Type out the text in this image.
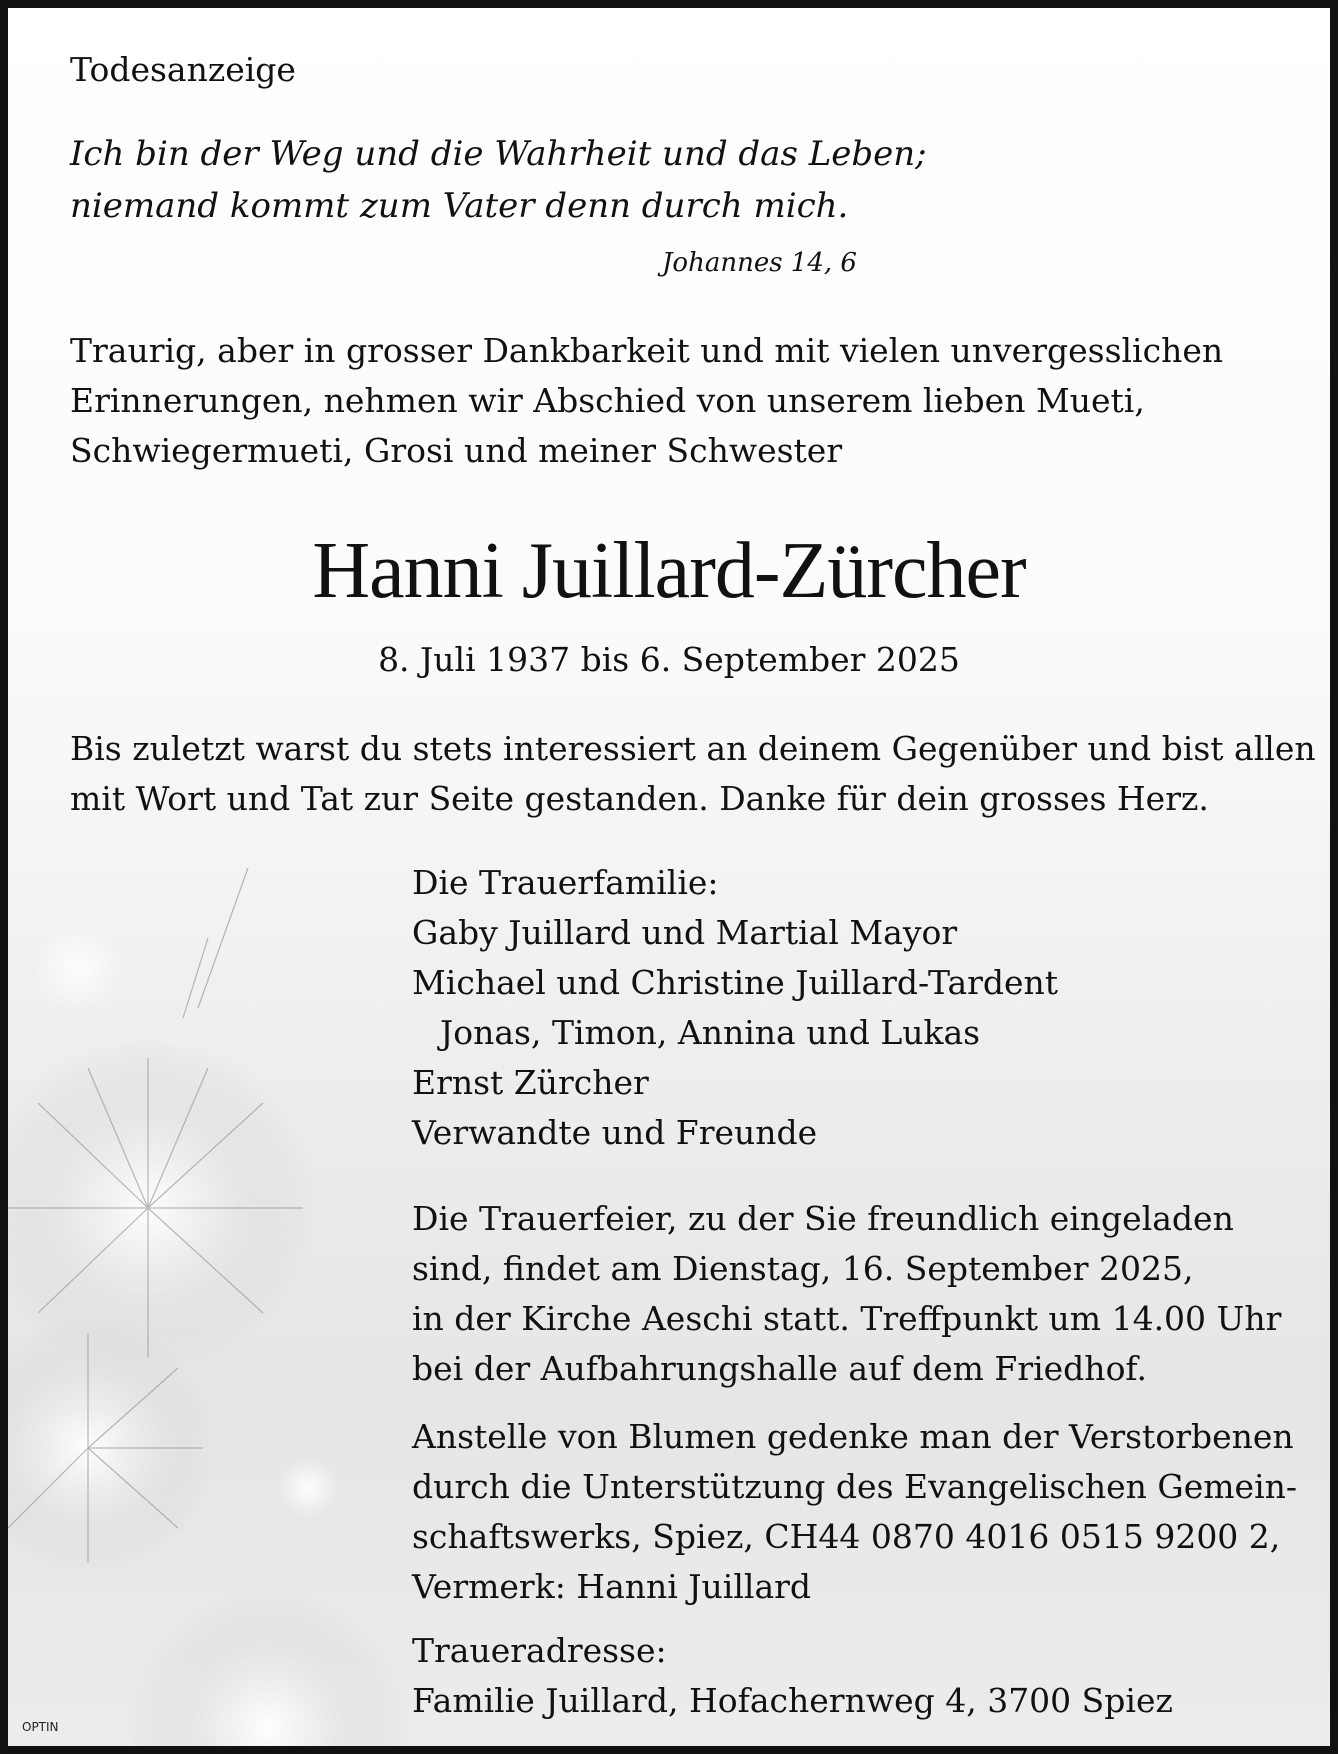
Todesanzeige
Ich bin der Weg und die Wahrheit und das Leben;
niemand kommt zum Vater denn durch mich.
Johannes 14, 6
Traurig, aber in grosser Dankbarkeit und mit vielen unvergesslichen
Erinnerungen, nehmen wir Abschied von unserem lieben Mueti,
Schwiegermueti, Grosi und meiner Schwester
Hanni Juillard-Zürcher
8. Juli 1937 bis 6. September 2025
Bis zuletzt warst du stets interessiert an deinem Gegenüber und bist allen
mit Wort und Tat zur Seite gestanden. Danke für dein grosses Herz.
Die Trauerfamilie:
Gaby Juillard und Martial Mayor
Michael und Christine Juillard-Tardent
Jonas, Timon, Annina und Lukas
Ernst Zürcher
Verwandte und Freunde
Die Trauerfeier, zu der Sie freundlich eingeladen
sind, findet am Dienstag, 16. September 2025,
in der Kirche Aeschi statt. Treffpunkt um 14.00 Uhr
bei der Aufbahrungshalle auf dem Friedhof.
Anstelle von Blumen gedenke man der Verstorbenen
durch die Unterstützung des Evangelischen Gemein-
schaftswerks, Spiez, CH44 0870 4016 0515 9200 2,
Vermerk: Hanni Juillard
Traueradresse:
Familie Juillard, Hofachernweg 4, 3700 Spiez
OPTIN
